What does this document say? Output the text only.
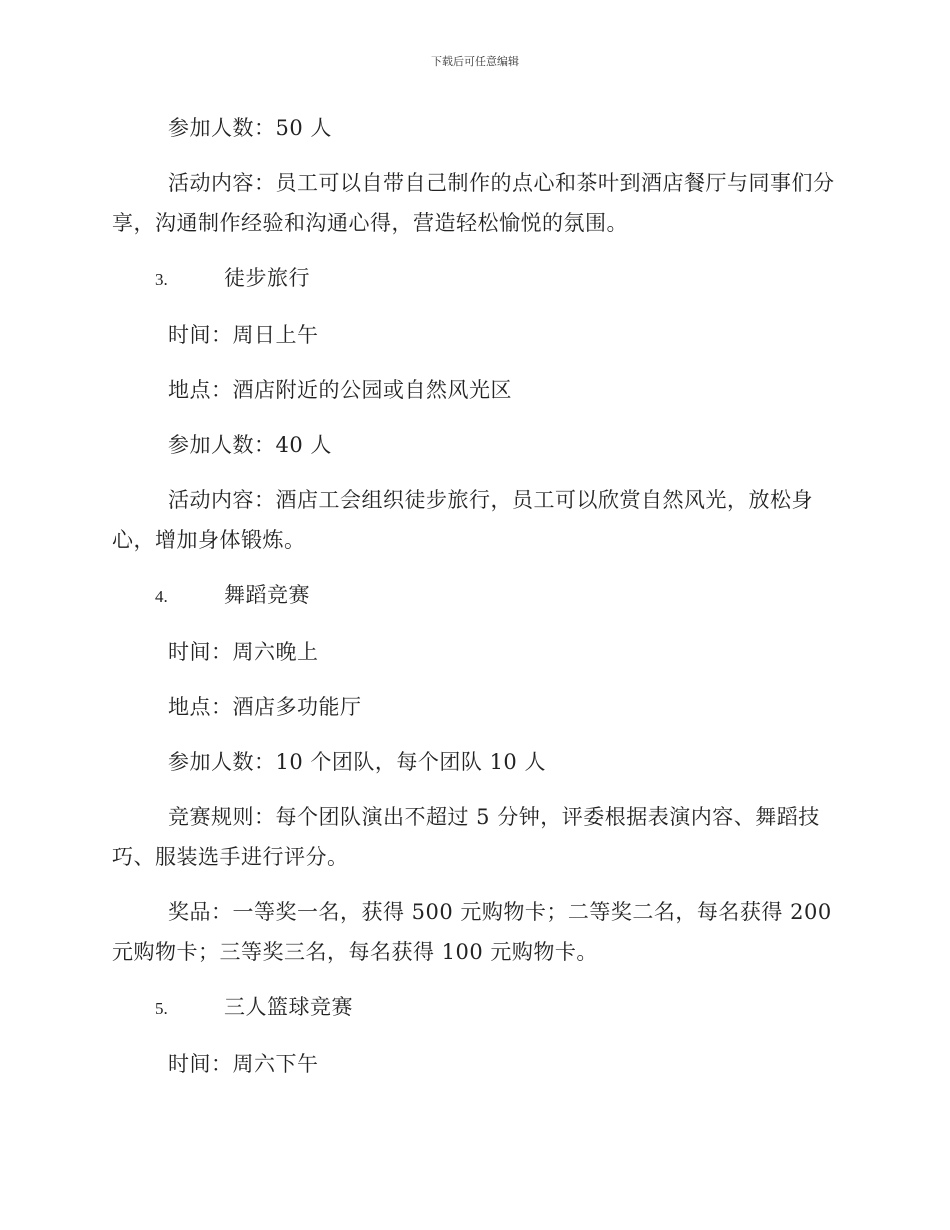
下载后可任意编辑

参加人数：50 人

活动内容：员工可以自带自己制作的点心和茶叶到酒店餐厅与同事们分享，沟通制作经验和沟通心得，营造轻松愉悦的氛围。

3.	徒步旅行

时间：周日上午

地点：酒店附近的公园或自然风光区

参加人数：40 人

活动内容：酒店工会组织徒步旅行，员工可以欣赏自然风光，放松身心，增加身体锻炼。

4.	舞蹈竞赛

时间：周六晚上

地点：酒店多功能厅

参加人数：10 个团队，每个团队 10 人

竞赛规则：每个团队演出不超过 5 分钟，评委根据表演内容、舞蹈技巧、服装选手进行评分。

奖品：一等奖一名，获得 500 元购物卡；二等奖二名，每名获得 200 元购物卡；三等奖三名，每名获得 100 元购物卡。

5.	三人篮球竞赛

时间：周六下午
